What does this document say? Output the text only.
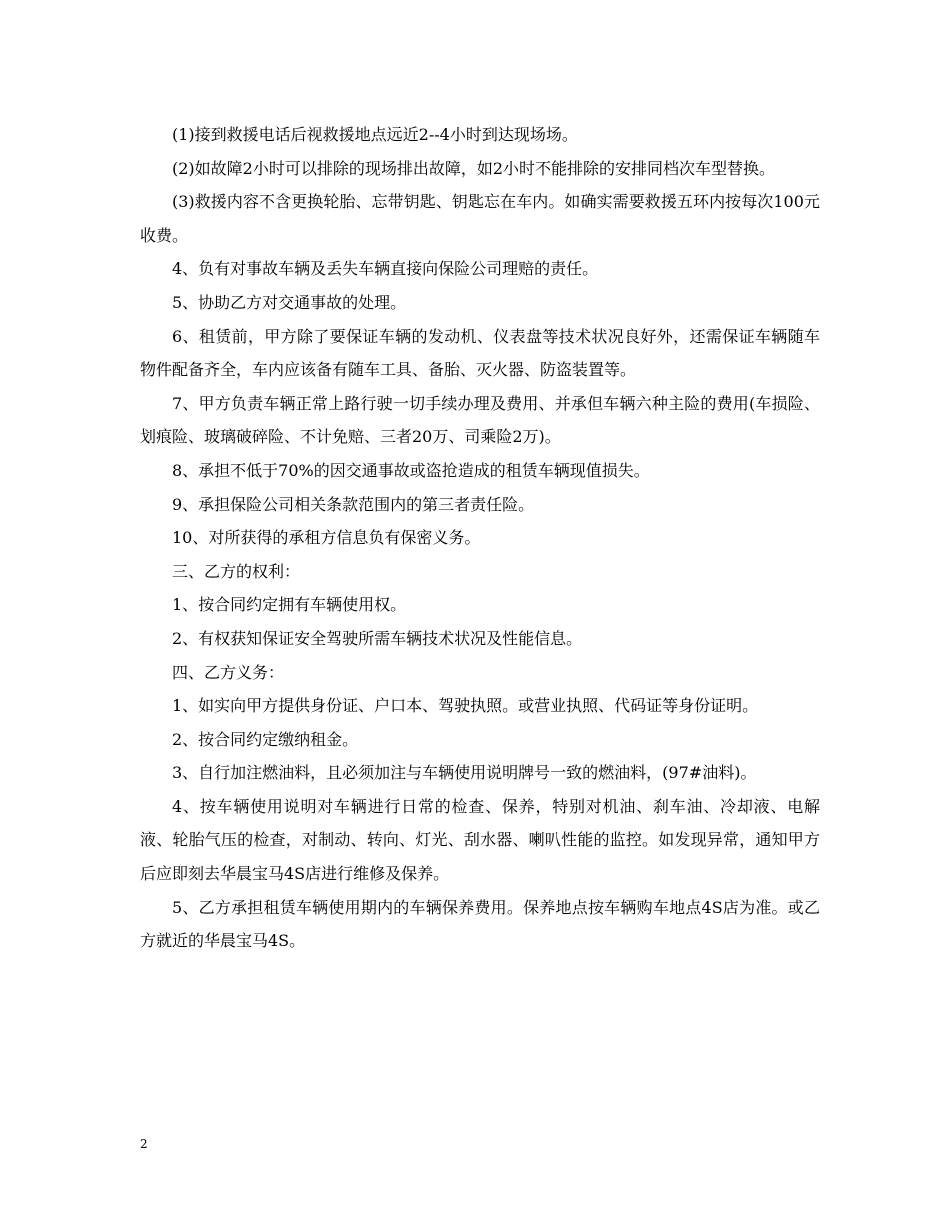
(1)接到救援电话后视救援地点远近2--4小时到达现场场。

(2)如故障2小时可以排除的现场排出故障，如2小时不能排除的安排同档次车型替换。

(3)救援内容不含更换轮胎、忘带钥匙、钥匙忘在车内。如确实需要救援五环内按每次100元收费。

4、负有对事故车辆及丢失车辆直接向保险公司理赔的责任。

5、协助乙方对交通事故的处理。

6、租赁前，甲方除了要保证车辆的发动机、仪表盘等技术状况良好外，还需保证车辆随车物件配备齐全，车内应该备有随车工具、备胎、灭火器、防盗装置等。

7、甲方负责车辆正常上路行驶一切手续办理及费用、并承但车辆六种主险的费用(车损险、划痕险、玻璃破碎险、不计免赔、三者20万、司乘险2万)。

8、承担不低于70%的因交通事故或盗抢造成的租赁车辆现值损失。

9、承担保险公司相关条款范围内的第三者责任险。

10、对所获得的承租方信息负有保密义务。

三、乙方的权利：

1、按合同约定拥有车辆使用权。

2、有权获知保证安全驾驶所需车辆技术状况及性能信息。

四、乙方义务：

1、如实向甲方提供身份证、户口本、驾驶执照。或营业执照、代码证等身份证明。

2、按合同约定缴纳租金。

3、自行加注燃油料，且必须加注与车辆使用说明牌号一致的燃油料，(97#油料)。

4、按车辆使用说明对车辆进行日常的检查、保养，特别对机油、刹车油、冷却液、电解液、轮胎气压的检查，对制动、转向、灯光、刮水器、喇叭性能的监控。如发现异常，通知甲方后应即刻去华晨宝马4S店进行维修及保养。

5、乙方承担租赁车辆使用期内的车辆保养费用。保养地点按车辆购车地点4S店为准。或乙方就近的华晨宝马4S。

2
